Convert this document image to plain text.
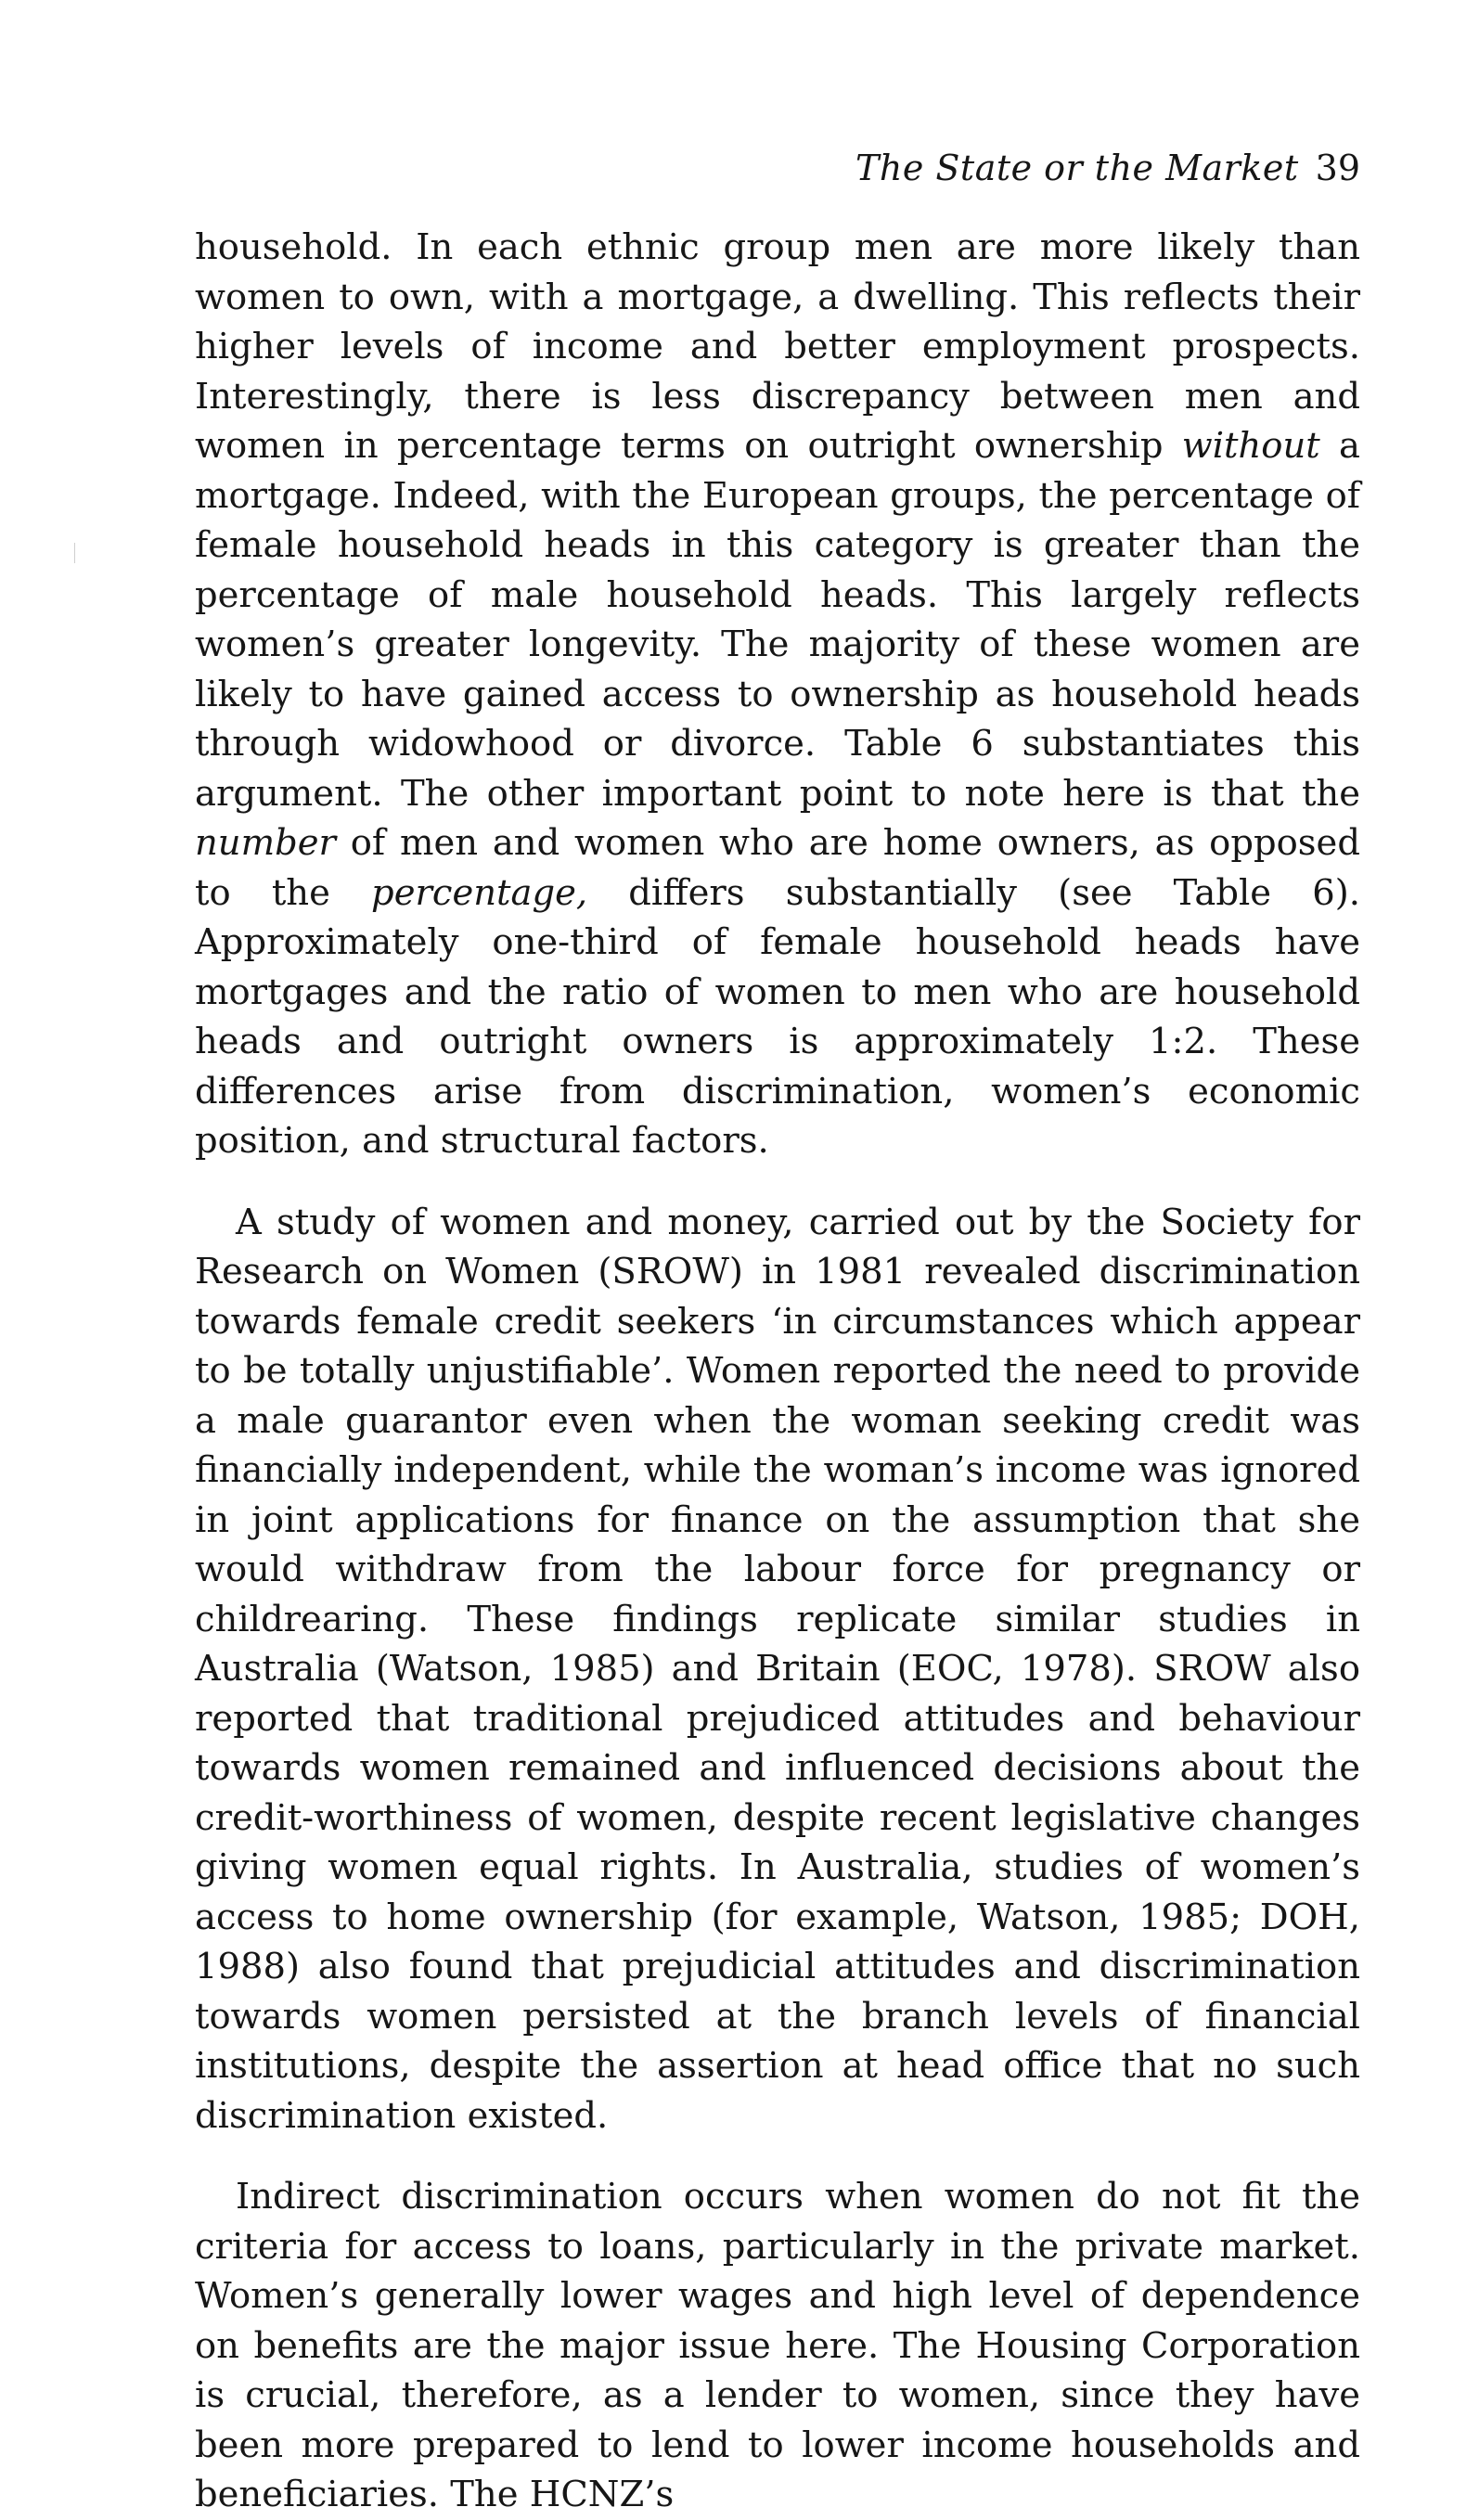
The State or the Market 39

household. In each ethnic group men are more likely than women to own, with a mortgage, a dwelling. This reflects their higher levels of income and better employment prospects. Interestingly, there is less discrepancy between men and women in percentage terms on outright ownership without a mortgage. Indeed, with the European groups, the percentage of female household heads in this category is greater than the percentage of male household heads. This largely reflects women’s greater longevity. The majority of these women are likely to have gained access to ownership as household heads through widowhood or divorce. Table 6 substantiates this argument. The other important point to note here is that the number of men and women who are home owners, as opposed to the percentage, differs substantially (see Table 6). Approximately one-third of female household heads have mortgages and the ratio of women to men who are household heads and outright owners is approximately 1:2. These differences arise from discrimination, women’s economic position, and structural factors.

A study of women and money, carried out by the Society for Research on Women (SROW) in 1981 revealed discrimination towards female credit seekers ‘in circumstances which appear to be totally unjustifiable’. Women reported the need to provide a male guarantor even when the woman seeking credit was financially independent, while the woman’s income was ignored in joint applications for finance on the assumption that she would withdraw from the labour force for pregnancy or childrearing. These findings replicate similar studies in Australia (Watson, 1985) and Britain (EOC, 1978). SROW also reported that traditional prejudiced attitudes and behaviour towards women remained and influenced decisions about the credit-worthiness of women, despite recent legislative changes giving women equal rights. In Australia, studies of women’s access to home ownership (for example, Watson, 1985; DOH, 1988) also found that prejudicial attitudes and discrimination towards women persisted at the branch levels of financial institutions, despite the assertion at head office that no such discrimination existed.

Indirect discrimination occurs when women do not fit the criteria for access to loans, particularly in the private market. Women’s generally lower wages and high level of dependence on benefits are the major issue here. The Housing Corporation is crucial, therefore, as a lender to women, since they have been more prepared to lend to lower income households and beneficiaries. The HCNZ’s
